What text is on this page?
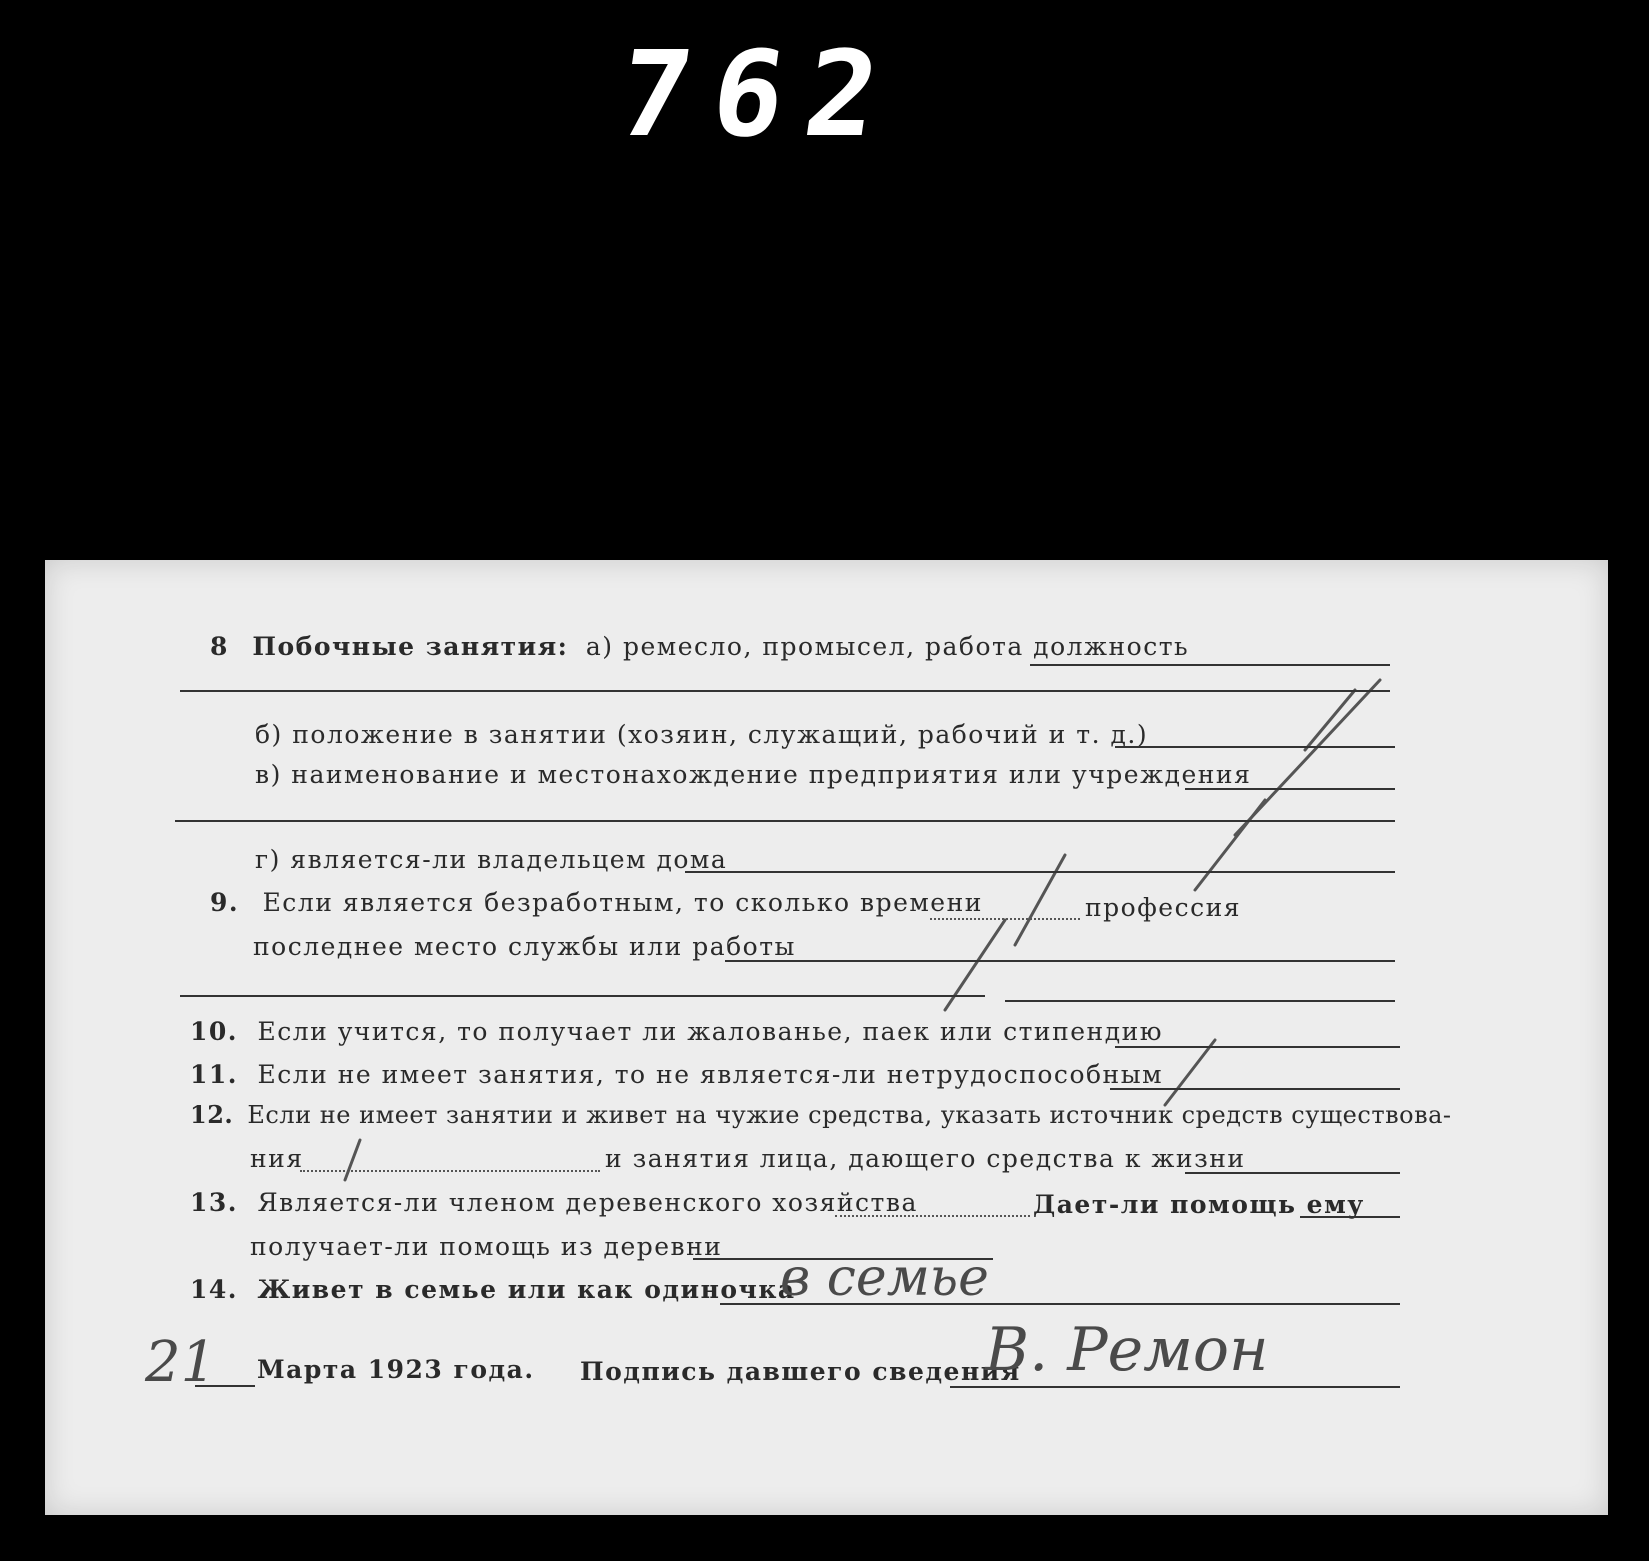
762
8 Побочные занятия: а) ремесло, промысел, работа должность
б) положение в занятии (хозяин, служащий, рабочий и т. д.)
в) наименование и местонахождение предприятия или учреждения
г) является-ли владельцем дома
9. Если является безработным, то сколько времени	профессия
последнее место службы или работы
10. Если учится, то получает ли жалованье, паек или стипендию
11. Если не имеет занятия, то не является-ли нетрудоспособным
12. Если не имеет занятии и живет на чужие средства, указать источник средств существова-
ния	и занятия лица, дающего средства к жизни
13. Является-ли членом деревенского хозяйства	Дает-ли помощь ему
получает-ли помощь из деревни
14. Живет в семье или как одиночка
в семье
21 Марта 1923 года. Подпись давшего сведения
В. Ремон
